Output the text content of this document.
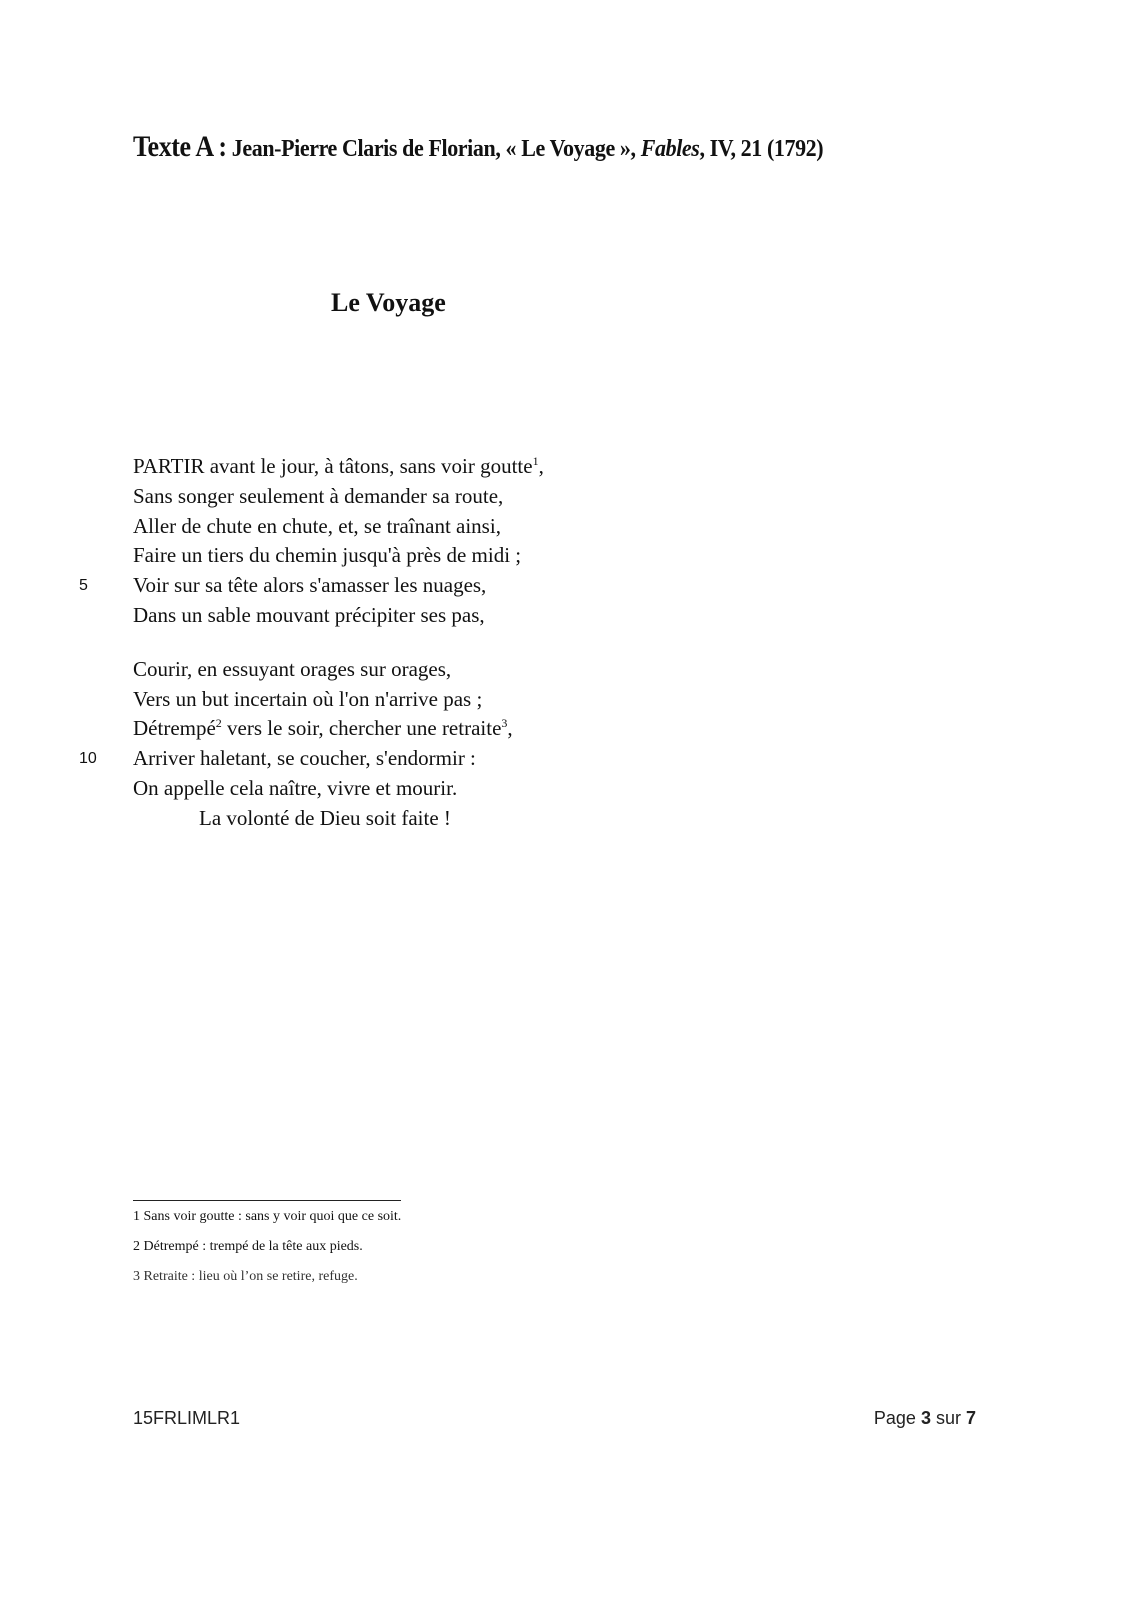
Texte A : Jean-Pierre Claris de Florian, « Le Voyage », Fables, IV, 21 (1792)
Le Voyage
PARTIR avant le jour, à tâtons, sans voir goutte$^1$,
Sans songer seulement à demander sa route,
Aller de chute en chute, et, se traînant ainsi,
Faire un tiers du chemin jusqu'à près de midi ;
5	Voir sur sa tête alors s'amasser les nuages,
Dans un sable mouvant précipiter ses pas,
Courir, en essuyant orages sur orages,
Vers un but incertain où l'on n'arrive pas ;
Détrempé$^2$ vers le soir, chercher une retraite$^3$,
10	Arriver haletant, se coucher, s'endormir :
On appelle cela naître, vivre et mourir.
La volonté de Dieu soit faite !
1 Sans voir goutte : sans y voir quoi que ce soit.
2 Détrempé : trempé de la tête aux pieds.
3 Retraite : lieu où l’on se retire, refuge.
15FRLIMLR1	Page 3 sur 7
